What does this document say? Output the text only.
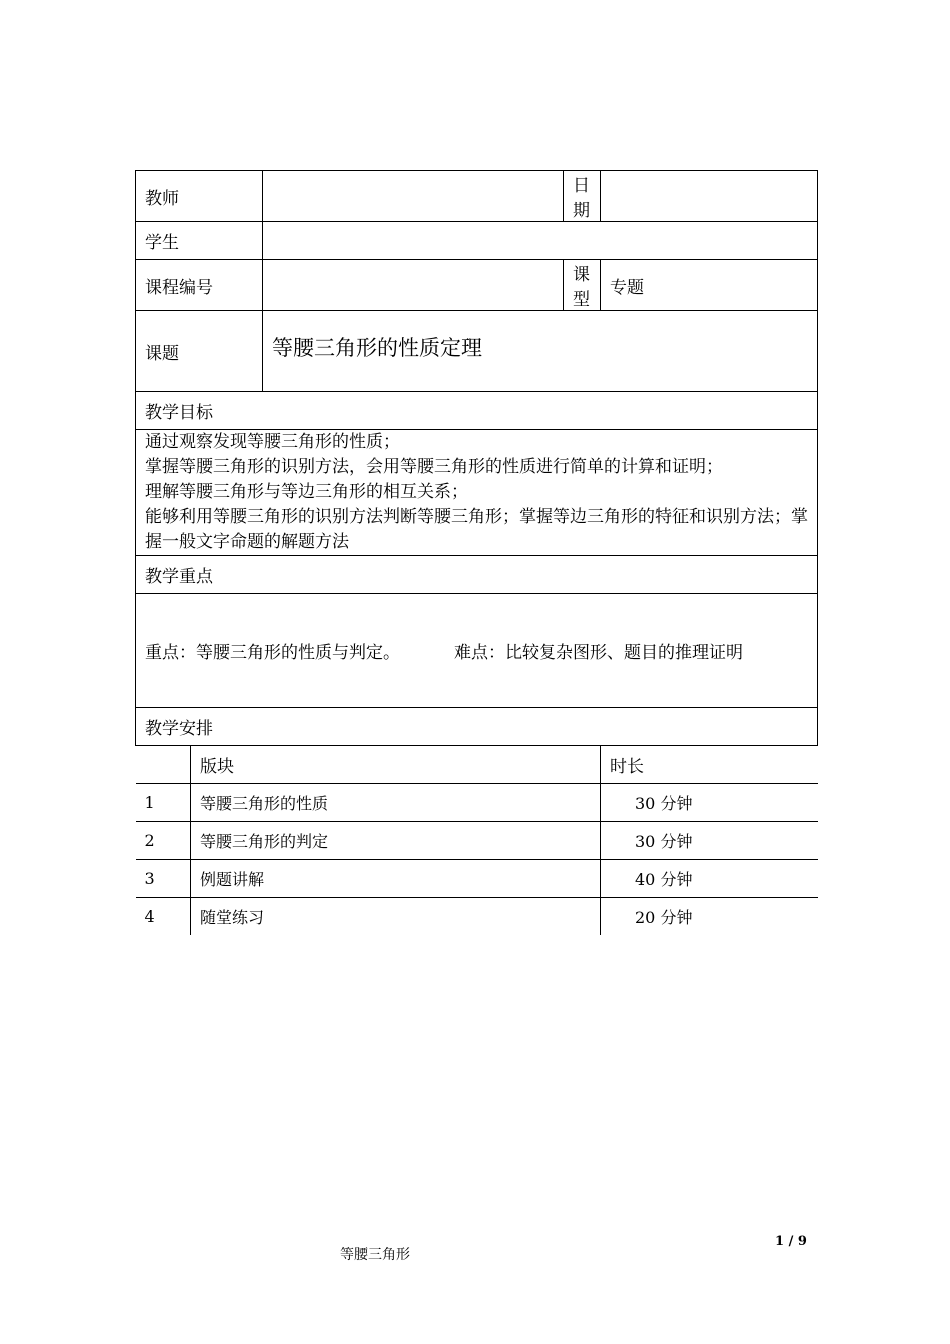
教师		日期	
学生	
课程编号		课型	专题
课题	等腰三角形的性质定理
教学目标

通过观察发现等腰三角形的性质；
掌握等腰三角形的识别方法，会用等腰三角形的性质进行简单的计算和证明；
理解等腰三角形与等边三角形的相互关系；
能够利用等腰三角形的识别方法判断等腰三角形；掌握等边三角形的特征和识别方法；掌
握一般文字命题的解题方法

教学重点
重点：等腰三角形的性质与判定。	难点：比较复杂图形、题目的推理证明
教学安排

	版块	时长
1	等腰三角形的性质	30 分钟
2	等腰三角形的判定	30 分钟
3	例题讲解	40 分钟
4	随堂练习	20 分钟
1 / 9
等腰三角形
